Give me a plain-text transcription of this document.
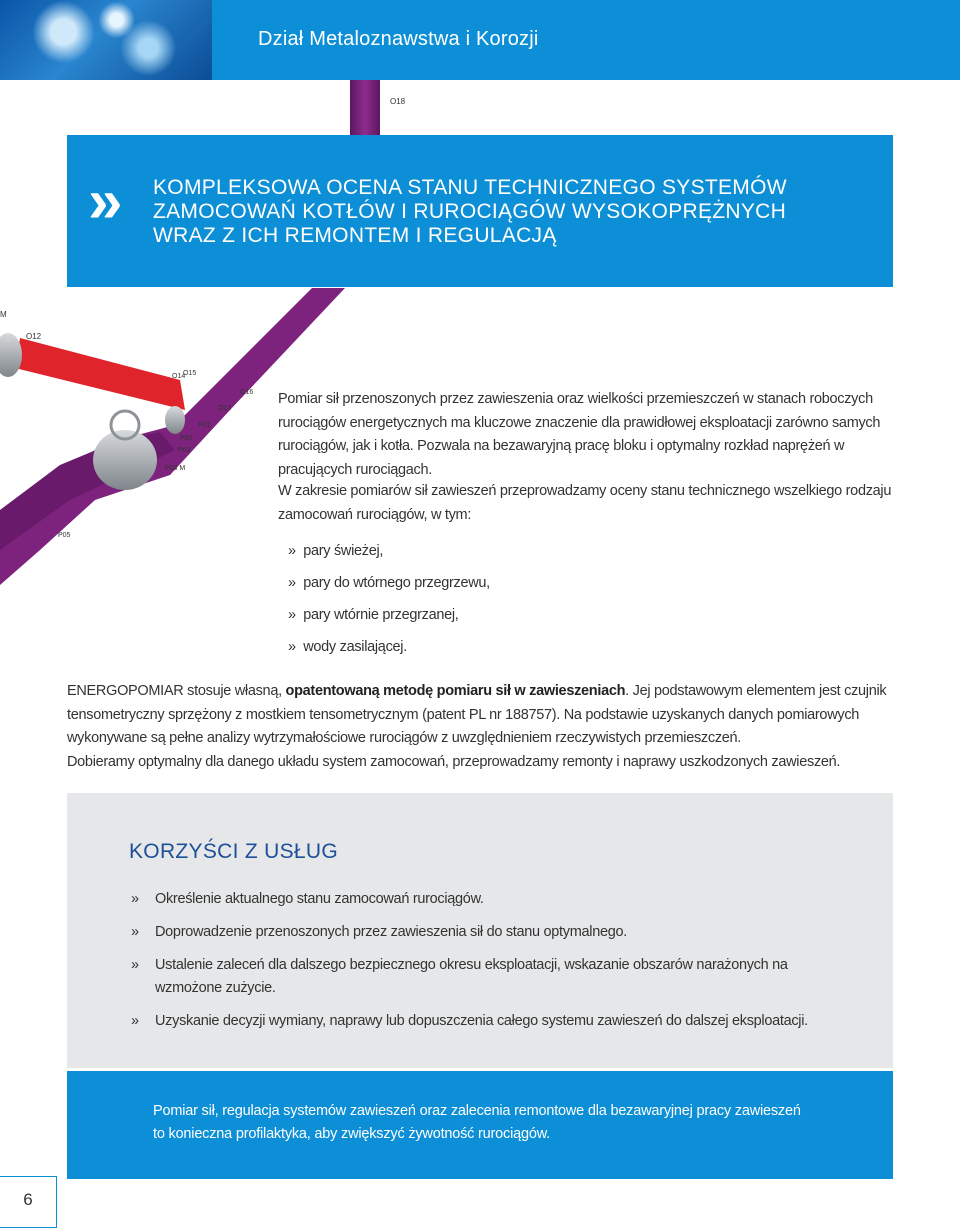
Dział Metaloznawstwa i Korozji
O18
M
O12
O14
O15
O16
O13
P01
P02
P03
P03 M
P05
» KOMPLEKSOWA OCENA STANU TECHNICZNEGO SYSTEMÓW
ZAMOCOWAŃ KOTŁÓW I RUROCIĄGÓW WYSOKOPRĘŻNYCH
WRAZ Z ICH REMONTEM I REGULACJĄ
Pomiar sił przenoszonych przez zawieszenia oraz wielkości przemieszczeń w stanach roboczych rurociągów energetycznych ma kluczowe znaczenie dla prawidłowej eksploatacji zarówno samych rurociągów, jak i kotła. Pozwala na bezawaryjną pracę bloku i optymalny rozkład naprężeń w pracujących rurociągach.
W zakresie pomiarów sił zawieszeń przeprowadzamy oceny stanu technicznego wszelkiego rodzaju zamocowań rurociągów, w tym:
» pary świeżej,
» pary do wtórnego przegrzewu,
» pary wtórnie przegrzanej,
» wody zasilającej.
ENERGOPOMIAR stosuje własną, opatentowaną metodę pomiaru sił w zawieszeniach. Jej podstawowym elementem jest czujnik tensometryczny sprzężony z mostkiem tensometrycznym (patent PL nr 188757). Na podstawie uzyskanych danych pomiarowych wykonywane są pełne analizy wytrzymałościowe rurociągów z uwzględnieniem rzeczywistych przemieszczeń.
Dobieramy optymalny dla danego układu system zamocowań, przeprowadzamy remonty i naprawy uszkodzonych zawieszeń.
KORZYŚCI Z USŁUG
» Określenie aktualnego stanu zamocowań rurociągów.
» Doprowadzenie przenoszonych przez zawieszenia sił do stanu optymalnego.
» Ustalenie zaleceń dla dalszego bezpiecznego okresu eksploatacji, wskazanie obszarów narażonych na wzmożone zużycie.
» Uzyskanie decyzji wymiany, naprawy lub dopuszczenia całego systemu zawieszeń do dalszej eksploatacji.
Pomiar sił, regulacja systemów zawieszeń oraz zalecenia remontowe dla bezawaryjnej pracy zawieszeń to konieczna profilaktyka, aby zwiększyć żywotność rurociągów.
6
